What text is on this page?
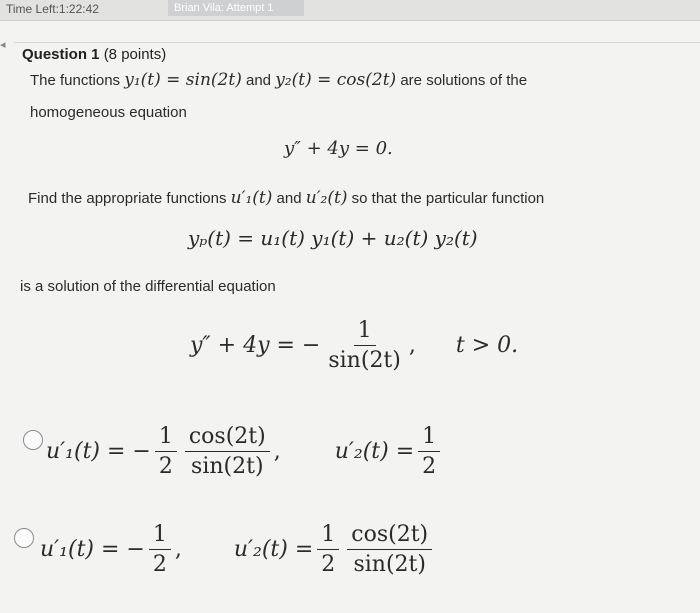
Time Left:1:22:42	Brian Vila: Attempt 1
◂
Question 1 (8 points)
The functions y₁(t) = sin(2t) and y₂(t) = cos(2t) are solutions of the
homogeneous equation
y″ + 4y = 0.
Find the appropriate functions u′₁(t) and u′₂(t) so that the particular function
yₚ(t) = u₁(t) y₁(t) + u₂(t) y₂(t)
is a solution of the differential equation
y″ + 4y = − $\frac{1}{\sin(2t)}$ , t > 0.
u′₁(t) = − $\frac{1}{2} \frac{\cos(2t)}{\sin(2t)}$ , $u'_2(t) = \frac{1}{2}$
u′₁(t) = − $\frac{1}{2}$ , $u'_2(t) = \frac{1}{2} \frac{\cos(2t)}{\sin(2t)}$
